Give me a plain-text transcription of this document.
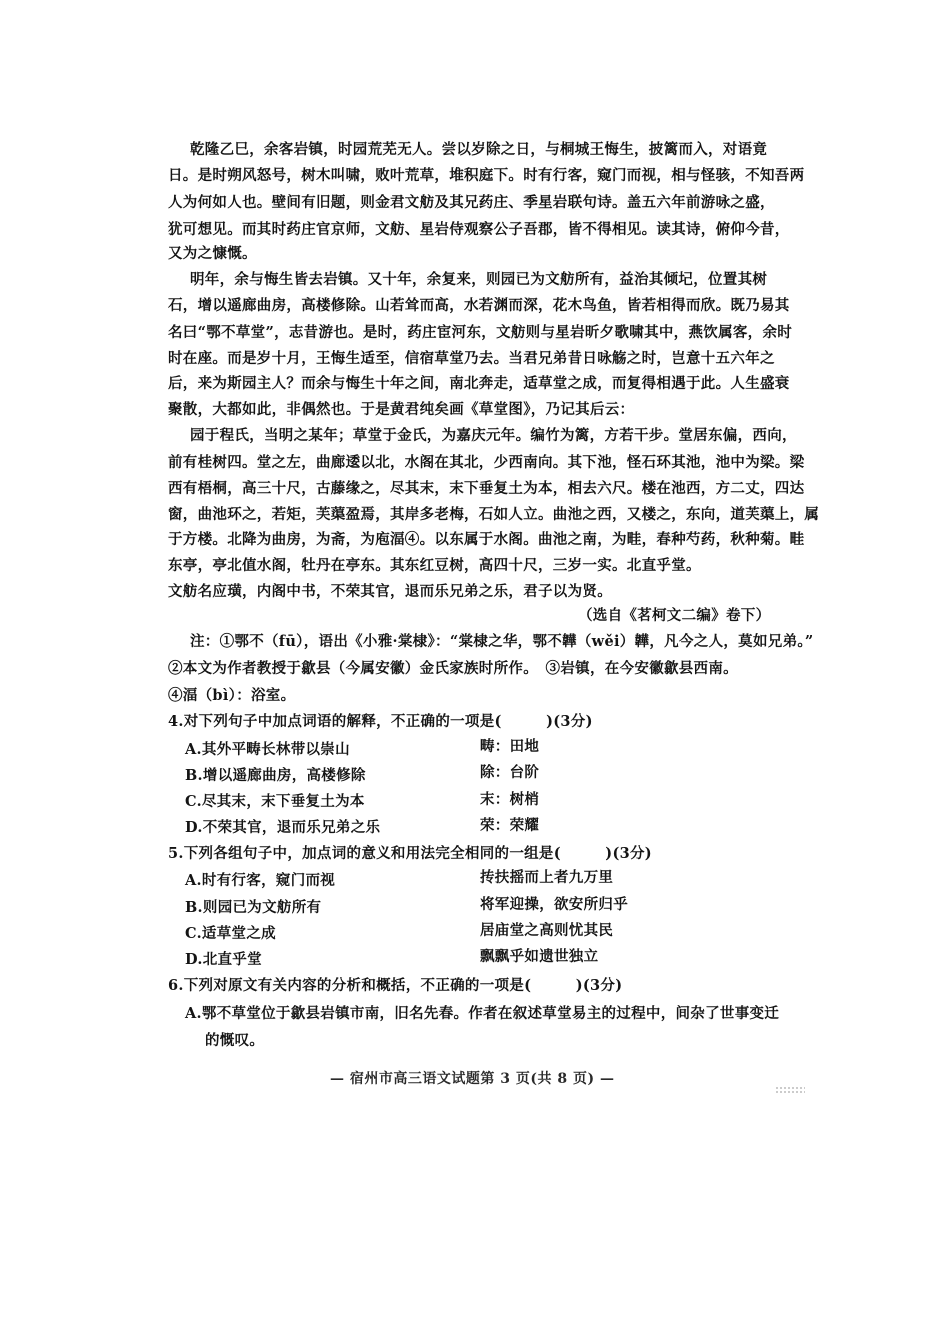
乾隆乙巳，余客岩镇，时园荒芜无人。尝以岁除之日，与桐城王悔生，披篱而入，对语竟
日。是时朔风怒号，树木叫啸，败叶荒草，堆积庭下。时有行客，窥门而视，相与怪骇，不知吾两
人为何如人也。壁间有旧题，则金君文舫及其兄药庄、季星岩联句诗。盖五六年前游咏之盛，
犹可想见。而其时药庄官京师，文舫、星岩侍观察公子吾郡，皆不得相见。读其诗，俯仰今昔，
又为之慷慨。
明年，余与悔生皆去岩镇。又十年，余复来，则园已为文舫所有，益治其倾圮，位置其树
石，增以遥廊曲房，高楼修除。山若耸而高，水若渊而深，花木鸟鱼，皆若相得而欣。既乃易其
名曰“鄂不草堂”，志昔游也。是时，药庄宦河东，文舫则与星岩昕夕歌啸其中，燕饮属客，余时
时在座。而是岁十月，王悔生适至，信宿草堂乃去。当君兄弟昔日咏觞之时，岂意十五六年之
后，来为斯园主人？而余与悔生十年之间，南北奔走，适草堂之成，而复得相遇于此。人生盛衰
聚散，大都如此，非偶然也。于是黄君纯矣画《草堂图》，乃记其后云：
园于程氏，当明之某年；草堂于金氏，为嘉庆元年。编竹为篱，方若干步。堂居东偏，西向，
前有桂树四。堂之左，曲廊逶以北，水阁在其北，少西南向。其下池，怪石环其池，池中为梁。梁
西有梧桐，高三十尺，古藤缘之，尽其末，末下垂复土为本，相去六尺。楼在池西，方二丈，四达
窗，曲池环之，若矩，芙蕖盈焉，其岸多老梅，石如人立。曲池之西，又楼之，东向，道芙蕖上，属
于方楼。北降为曲房，为斋，为庖湢④。以东属于水阁。曲池之南，为畦，春种芍药，秋种菊。畦
东亭，亭北值水阁，牡丹在亭东。其东红豆树，高四十尺，三岁一实。北直乎堂。
文舫名应璜，内阁中书，不荣其官，退而乐兄弟之乐，君子以为贤。
（选自《茗柯文二编》卷下）
注：①鄂不（fū），语出《小雅·棠棣》：“棠棣之华，鄂不韡（wěi）韡，凡今之人，莫如兄弟。”
②本文为作者教授于歙县（今属安徽）金氏家族时所作。　③岩镇，在今安徽歙县西南。
④湢（bì）：浴室。
4.对下列句子中加点词语的解释，不正确的一项是(　　　)(3分)
A.其外平畴长林带以崇山	畴：田地
B.增以遥廊曲房，高楼修除	除：台阶
C.尽其末，末下垂复土为本	末：树梢
D.不荣其官，退而乐兄弟之乐	荣：荣耀
5.下列各组句子中，加点词的意义和用法完全相同的一组是(　　　)(3分)
A.时有行客，窥门而视	抟扶摇而上者九万里
B.则园已为文舫所有	将军迎操，欲安所归乎
C.适草堂之成	居庙堂之高则忧其民
D.北直乎堂	飘飘乎如遗世独立
6.下列对原文有关内容的分析和概括，不正确的一项是(　　　)(3分)
A.鄂不草堂位于歙县岩镇市南，旧名先春。作者在叙述草堂易主的过程中，间杂了世事变迁
的慨叹。
— 宿州市高三语文试题第 3 页(共 8 页) —
